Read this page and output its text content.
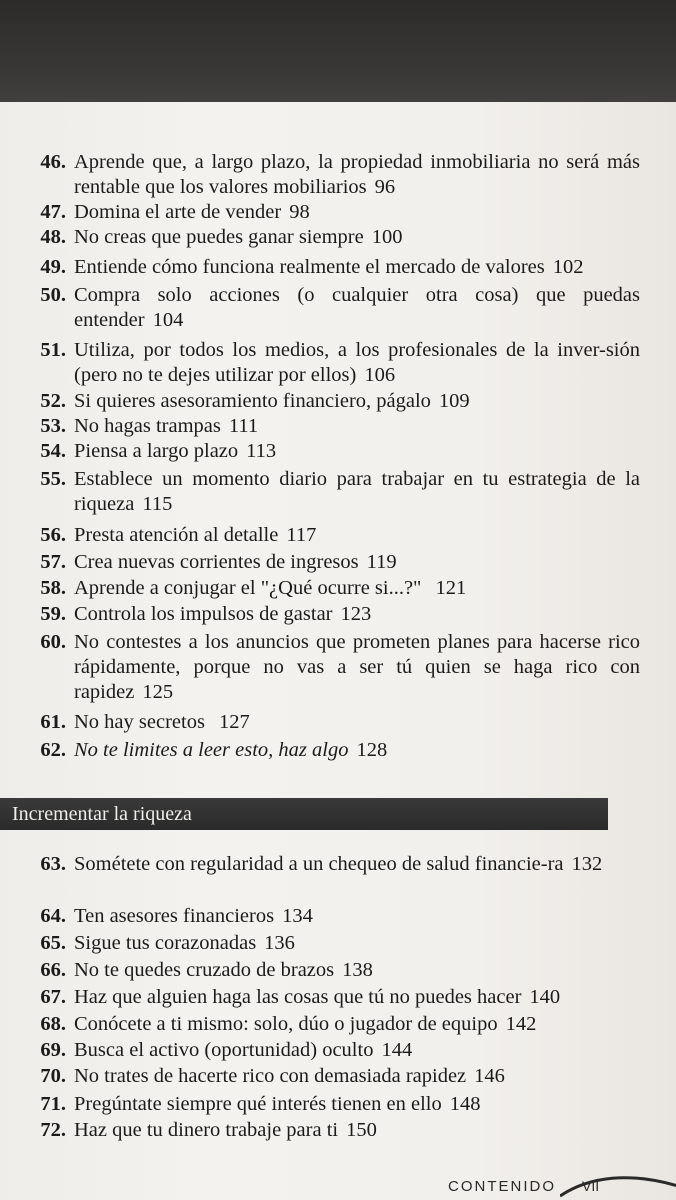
46. Aprende que, a largo plazo, la propiedad inmobiliaria no será más rentable que los valores mobiliarios 96
47. Domina el arte de vender 98
48. No creas que puedes ganar siempre 100
49. Entiende cómo funciona realmente el mercado de valores 102
50. Compra solo acciones (o cualquier otra cosa) que puedas entender 104
51. Utiliza, por todos los medios, a los profesionales de la inver-sión (pero no te dejes utilizar por ellos) 106
52. Si quieres asesoramiento financiero, págalo 109
53. No hagas trampas 111
54. Piensa a largo plazo 113
55. Establece un momento diario para trabajar en tu estrategia de la riqueza 115
56. Presta atención al detalle 117
57. Crea nuevas corrientes de ingresos 119
58. Aprende a conjugar el "¿Qué ocurre si...?" 121
59. Controla los impulsos de gastar 123
60. No contestes a los anuncios que prometen planes para hacerse rico rápidamente, porque no vas a ser tú quien se haga rico con rapidez 125
61. No hay secretos 127
62. No te limites a leer esto, haz algo 128
Incrementar la riqueza
63. Sométete con regularidad a un chequeo de salud financie-ra 132
64. Ten asesores financieros 134
65. Sigue tus corazonadas 136
66. No te quedes cruzado de brazos 138
67. Haz que alguien haga las cosas que tú no puedes hacer 140
68. Conócete a ti mismo: solo, dúo o jugador de equipo 142
69. Busca el activo (oportunidad) oculto 144
70. No trates de hacerte rico con demasiada rapidez 146
71. Pregúntate siempre qué interés tienen en ello 148
72. Haz que tu dinero trabaje para ti 150
CONTENIDO VII
